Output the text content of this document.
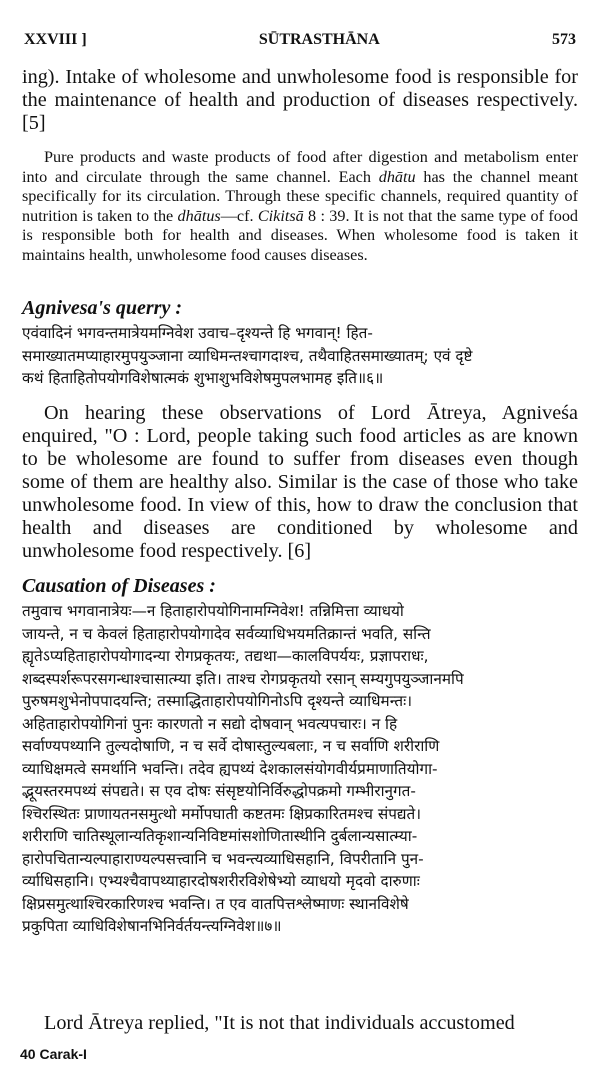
XXVIII ]	SŪTRASTHĀNA	573

ing). Intake of wholesome and unwholesome food is responsible for the maintenance of health and production of diseases respectively. [5]

Pure products and waste products of food after digestion and metabolism enter into and circulate through the same channel. Each dhātu has the channel meant specifically for its circulation. Through these specific channels, required quantity of nutrition is taken to the dhātus—cf. Cikitsā 8 : 39. It is not that the same type of food is responsible both for health and diseases. When wholesome food is taken it maintains health, unwholesome food causes diseases.

Agnivesa's querry :
एवंवादिनं भगवन्तमात्रेयमग्निवेश उवाच–दृश्यन्ते हि भगवान्! हित-
समाख्यातमप्याहारमुपयुञ्जाना व्याधिमन्तश्चागदाश्च, तथैवाहितसमाख्यातम्; एवं दृष्टे
कथं हिताहितोपयोगविशेषात्मकं शुभाशुभविशेषमुपलभामह इति॥६॥

On hearing these observations of Lord Ātreya, Agniveśa enquired, "O : Lord, people taking such food articles as are known to be wholesome are found to suffer from diseases even though some of them are healthy also. Similar is the case of those who take unwholesome food. In view of this, how to draw the conclusion that health and diseases are conditioned by wholesome and unwholesome food respectively. [6]

Causation of Diseases :
तमुवाच भगवानात्रेयः—न हिताहारोपयोगिनामग्निवेश! तन्निमित्ता व्याधयो
जायन्ते, न च केवलं हिताहारोपयोगादेव सर्वव्याधिभयमतिक्रान्तं भवति, सन्ति
ह्यृतेऽप्यहिताहारोपयोगादन्या रोगप्रकृतयः, तद्यथा—कालविपर्ययः, प्रज्ञापराधः,
शब्दस्पर्शरूपरसगन्धाश्चासात्म्या इति। ताश्च रोगप्रकृतयो रसान् सम्यगुपयुञ्जानमपि
पुरुषमशुभेनोपपादयन्ति; तस्माद्धिताहारोपयोगिनोऽपि दृश्यन्ते व्याधिमन्तः।
अहिताहारोपयोगिनां पुनः कारणतो न सद्यो दोषवान् भवत्यपचारः। न हि
सर्वाण्यपथ्यानि तुल्यदोषाणि, न च सर्वे दोषास्तुल्यबलाः, न च सर्वाणि शरीराणि
व्याधिक्षमत्वे समर्थानि भवन्ति। तदेव ह्यपथ्यं देशकालसंयोगवीर्यप्रमाणातियोगा-
द्भूयस्तरमपथ्यं संपद्यते। स एव दोषः संसृष्टयोनिर्विरुद्धोपक्रमो गम्भीरानुगत-
श्चिरस्थितः प्राणायतनसमुत्थो मर्मोपघाती कष्टतमः क्षिप्रकारितमश्च संपद्यते।
शरीराणि चातिस्थूलान्यतिकृशान्यनिविष्टमांसशोणितास्थीनि दुर्बलान्यसात्म्या-
हारोपचितान्यल्पाहाराण्यल्पसत्त्वानि च भवन्त्यव्याधिसहानि, विपरीतानि पुन-
र्व्याधिसहानि। एभ्यश्चैवापथ्याहारदोषशरीरविशेषेभ्यो व्याधयो मृदवो दारुणाः
क्षिप्रसमुत्थाश्चिरकारिणश्च भवन्ति। त एव वातपित्तश्लेष्माणः स्थानविशेषे
प्रकुपिता व्याधिविशेषानभिनिर्वर्तयन्त्यग्निवेश॥७॥

Lord Ātreya replied, "It is not that individuals accustomed

40 Carak-I
